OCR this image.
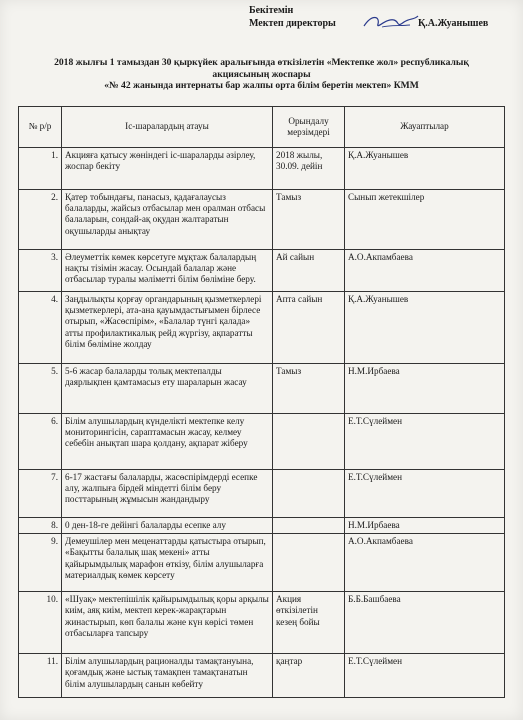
Бекітемін
Мектеп директоры	Қ.А.Жуанышев
2018 жылғы 1 тамыздан 30 қыркүйек аралығында өткізілетін «Мектепке жол» республикалық
акциясының жоспары
«№ 42 жанында интернаты бар жалпы орта білім беретін мектеп» КММ
№ р/р	Іс-шаралардың атауы	Орындалу мерзімдері	Жауаптылар
1.	Акцияға қатысу жөніндегі іс-шараларды әзірлеу, жоспар бекіту	2018 жылы, 30.09. дейін	Қ.А.Жуанышев
2.	Қатер тобындағы, панасыз, қадағалаусыз балаларды, жайсыз отбасылар мен оралман отбасы балаларын, сондай-ақ оқудан жалтаратын оқушыларды анықтау	Тамыз	Сынып жетекшілер
3.	Әлеуметтік көмек көрсетуге мұқтаж балалардың нақты тізімін жасау. Осындай балалар және отбасылар туралы мәліметті білім бөліміне беру.	Ай сайын	А.О.Акпамбаева
4.	Заңдылықты қорғау органдарының қызметкерлері қызметкерлері, ата-ана қауымдастығымен бірлесе отырып, «Жасөспірім», «Балалар түнгі қалада» атты профилактикалық рейд жүргізу, ақпаратты білім бөліміне жолдау	Апта сайын	Қ.А.Жуанышев
5.	5-6 жасар балаларды толық мектепалды даярлықпен қамтамасыз ету шараларын жасау	Тамыз	Н.М.Ирбаева
6.	Білім алушылардың күнделікті мектепке келу мониторингісін, сараптамасын жасау, келмеу себебін анықтап шара қолдану, ақпарат жіберу		Е.Т.Сүлеймен
7.	6-17 жастағы балаларды, жасөспірімдерді есепке алу, жалпыға бірдей міндетті білім беру посттарының жұмысын жандандыру		Е.Т.Сүлеймен
8.	0 ден-18-ге дейінгі балаларды есепке алу		Н.М.Ирбаева
9.	Демеушілер мен меценаттарды қатыстыра отырып, «Бақытты балалық шақ мекені» атты қайырымдылық марафон өткізу, білім алушыларға материалдық көмек көрсету		А.О.Акпамбаева
10.	«Шуақ» мектепішілік қайырымдылық қоры арқылы киім, аяқ киім, мектеп керек-жарақтарын жинастырып, көп балалы және күн көрісі төмен отбасыларға тапсыру	Акция өткізілетін кезең бойы	Б.Б.Башбаева
11.	Білім алушылардың рационалды тамақтануына, қоғамдық және ыстық тамақпен тамақтанатын білім алушылардың санын көбейту	қаңтар	Е.Т.Сүлеймен
